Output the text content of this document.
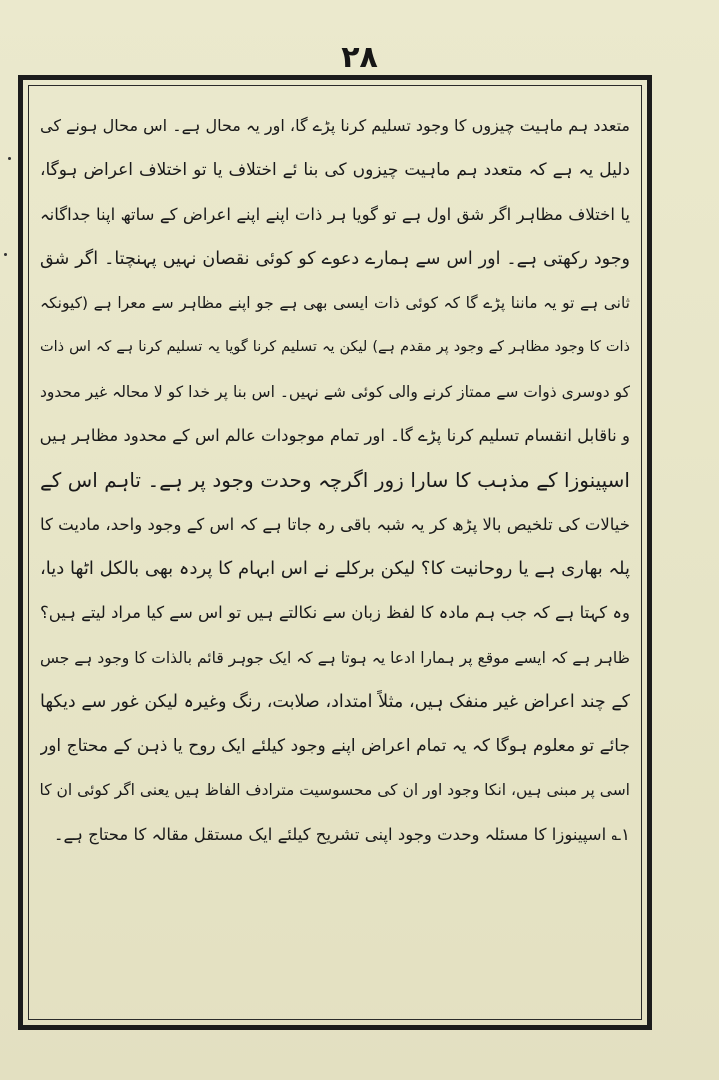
۲۸
متعدد ہم ماہیت چیزوں کا وجود تسلیم کرنا پڑے گا، اور یہ محال ہے۔ اس محال ہونے کی
دلیل یہ ہے کہ متعدد ہم ماہیت چیزوں کی بنا ئے اختلاف یا تو اختلاف اعراض ہوگا،
یا اختلاف مظاہر اگر شق اول ہے تو گویا ہر ذات اپنے اپنے اعراض کے ساتھ اپنا جداگانہ
وجود رکھتی ہے۔ اور اس سے ہمارے دعوے کو کوئی نقصان نہیں پہنچتا۔ اگر شق
ثانی ہے تو یہ ماننا پڑے گا کہ کوئی ذات ایسی بھی ہے جو اپنے مظاہر سے معرا ہے (کیونکہ
ذات کا وجود مظاہر کے وجود پر مقدم ہے) لیکن یہ تسلیم کرنا گویا یہ تسلیم کرنا ہے کہ اس ذات
کو دوسری ذوات سے ممتاز کرنے والی کوئی شے نہیں۔ اس بنا پر خدا کو لا محالہ غیر محدود
و ناقابل انقسام تسلیم کرنا پڑے گا۔ اور تمام موجودات عالم اس کے محدود مظاہر ہیں
اسپینوزا کے مذہب کا سارا زور اگرچہ وحدت وجود پر ہے۔ تاہم اس کے
خیالات کی تلخیص بالا پڑھ کر یہ شبہ باقی رہ جاتا ہے کہ اس کے وجود واحد، مادیت کا
پلہ بھاری ہے یا روحانیت کا؟ لیکن برکلے نے اس ابہام کا پردہ بھی بالکل اٹھا دیا،
وہ کہتا ہے کہ جب ہم مادہ کا لفظ زبان سے نکالتے ہیں تو اس سے کیا مراد لیتے ہیں؟
ظاہر ہے کہ ایسے موقع پر ہمارا ادعا یہ ہوتا ہے کہ ایک جوہر قائم بالذات کا وجود ہے جس
کے چند اعراض غیر منفک ہیں، مثلاً امتداد، صلابت، رنگ وغیرہ لیکن غور سے دیکھا
جائے تو معلوم ہوگا کہ یہ تمام اعراض اپنے وجود کیلئے ایک روح یا ذہن کے محتاج اور
اسی پر مبنی ہیں، انکا وجود اور ان کی محسوسیت مترادف الفاظ ہیں یعنی اگر کوئی ان کا
۱؎ اسپینوزا کا مسئلہ وحدت وجود اپنی تشریح کیلئے ایک مستقل مقالہ کا محتاج ہے۔
